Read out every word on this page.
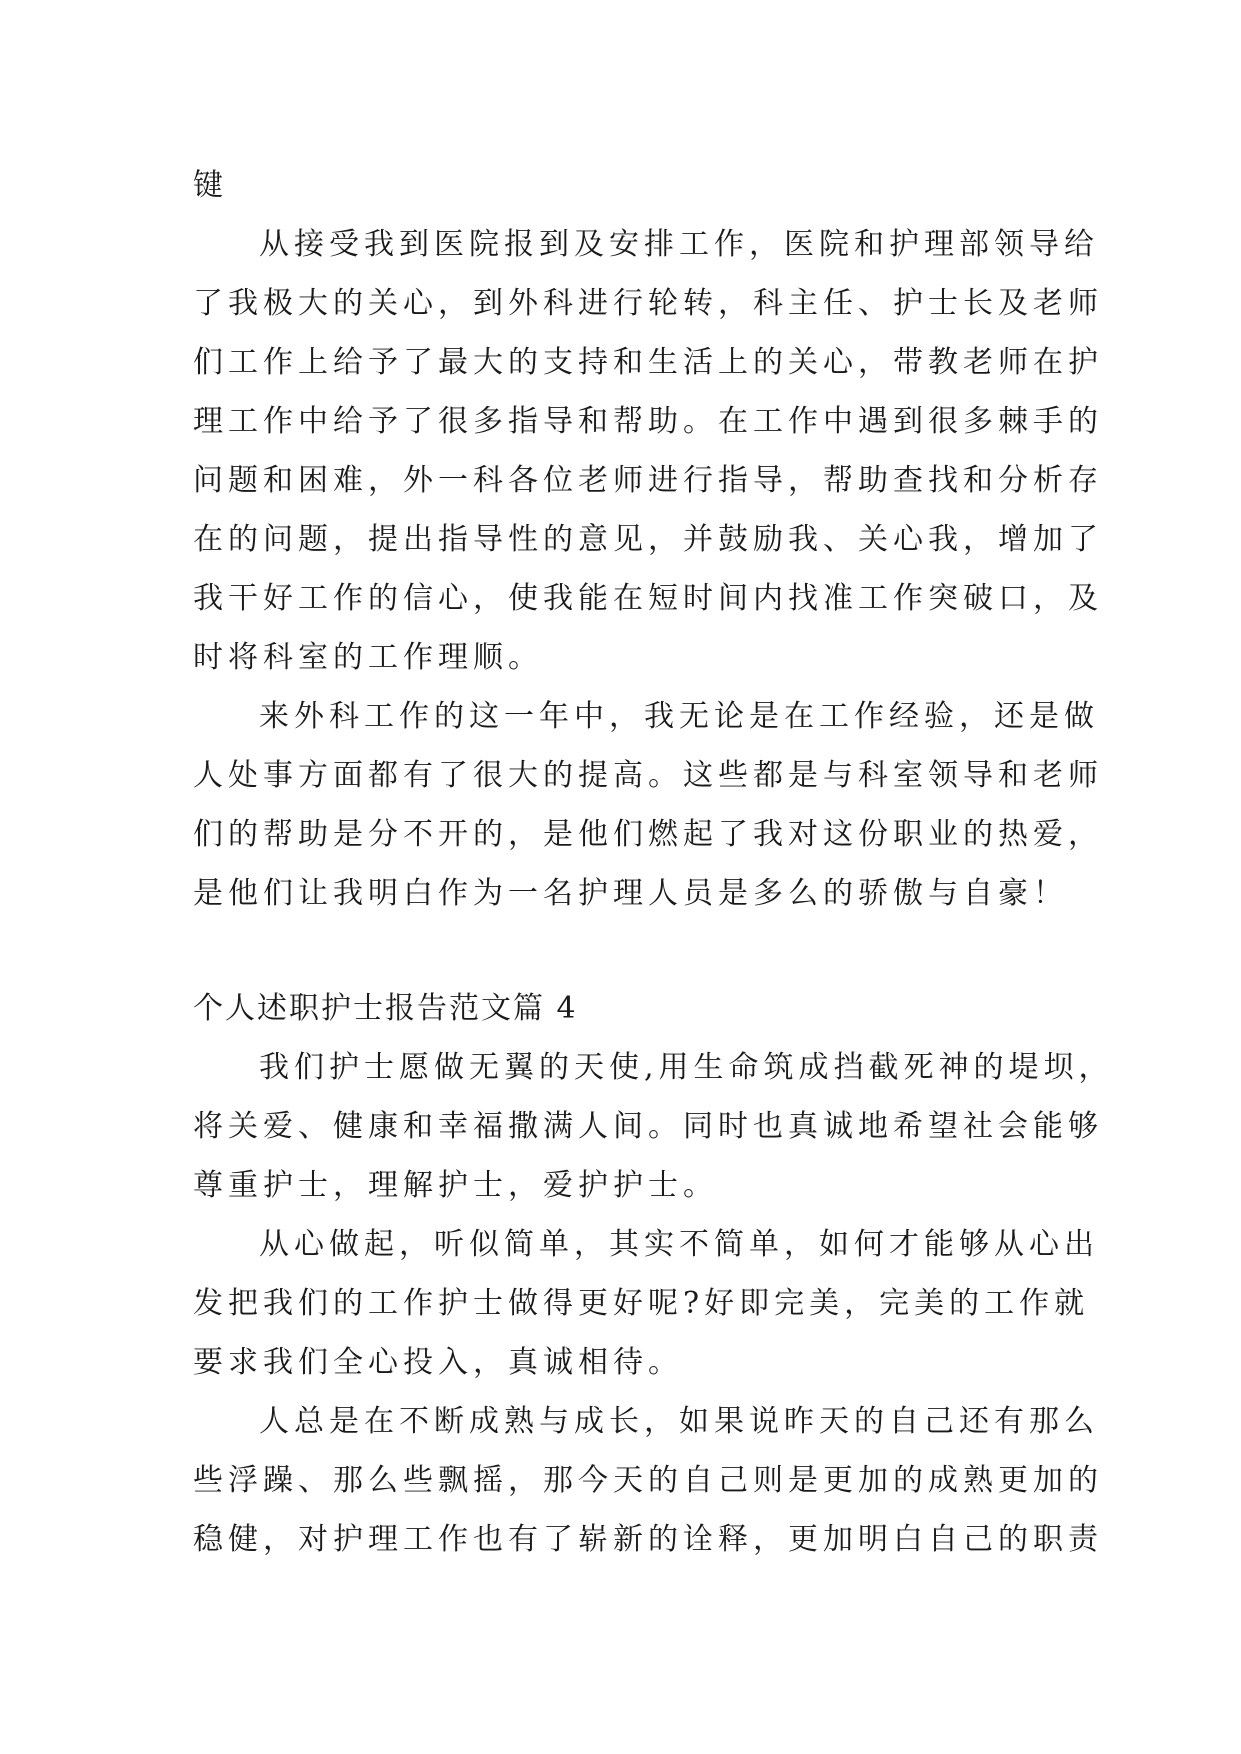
键
从接受我到医院报到及安排工作，医院和护理部领导给
了我极大的关心，到外科进行轮转，科主任、护士长及老师
们工作上给予了最大的支持和生活上的关心，带教老师在护
理工作中给予了很多指导和帮助。在工作中遇到很多棘手的
问题和困难，外一科各位老师进行指导，帮助查找和分析存
在的问题，提出指导性的意见，并鼓励我、关心我，增加了
我干好工作的信心，使我能在短时间内找准工作突破口，及
时将科室的工作理顺。
来外科工作的这一年中，我无论是在工作经验，还是做
人处事方面都有了很大的提高。这些都是与科室领导和老师
们的帮助是分不开的，是他们燃起了我对这份职业的热爱，
是他们让我明白作为一名护理人员是多么的骄傲与自豪！
个人述职护士报告范文篇 4
我们护士愿做无翼的天使,用生命筑成挡截死神的堤坝，
将关爱、健康和幸福撒满人间。同时也真诚地希望社会能够
尊重护士，理解护士，爱护护士。
从心做起，听似简单，其实不简单，如何才能够从心出
发把我们的工作护士做得更好呢?好即完美，完美的工作就
要求我们全心投入，真诚相待。
人总是在不断成熟与成长，如果说昨天的自己还有那么
些浮躁、那么些飘摇，那今天的自己则是更加的成熟更加的
稳健，对护理工作也有了崭新的诠释，更加明白自己的职责
